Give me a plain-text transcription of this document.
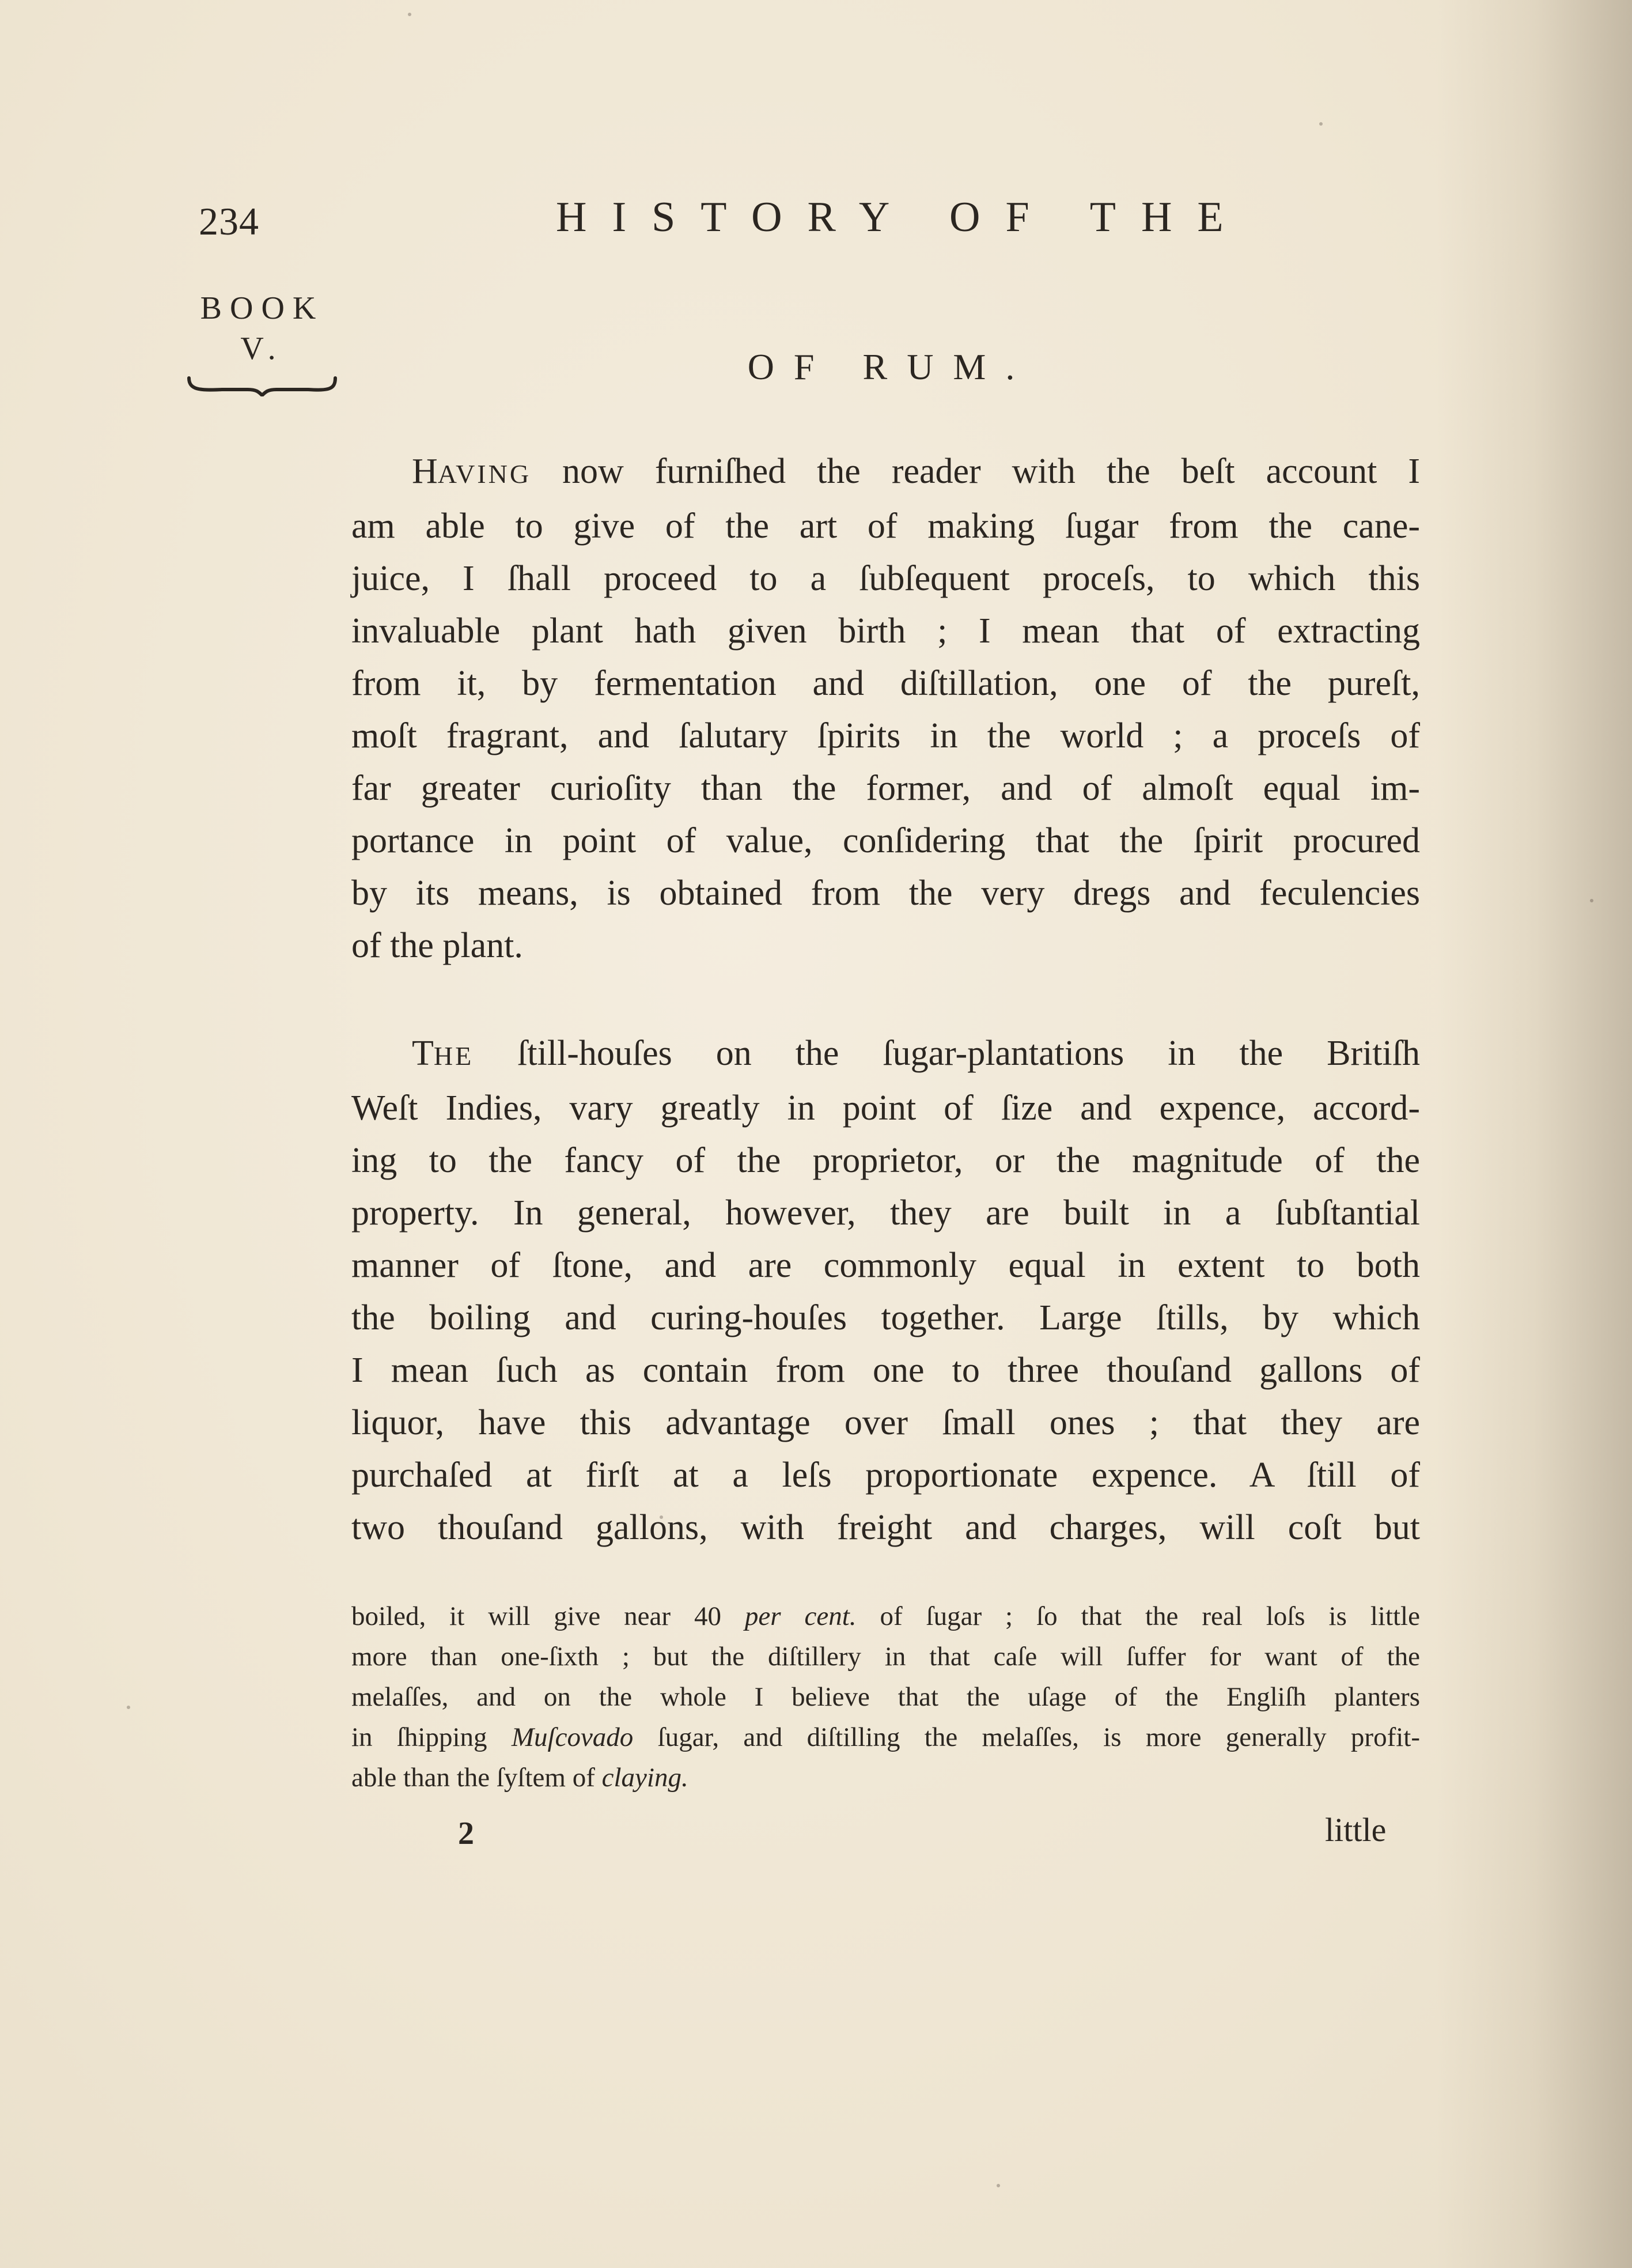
234	HISTORY OF THE
BOOK
V.	OF RUM.
HAVING now furniſhed the reader with the beſt account I
am able to give of the art of making ſugar from the cane-
juice, I ſhall proceed to a ſubſequent proceſs, to which this
invaluable plant hath given birth ; I mean that of extracting
from it, by fermentation and diſtillation, one of the pureſt,
moſt fragrant, and ſalutary ſpirits in the world ; a proceſs of
far greater curioſity than the former, and of almoſt equal im-
portance in point of value, conſidering that the ſpirit procured
by its means, is obtained from the very dregs and feculencies
of the plant.
THE ſtill-houſes on the ſugar-plantations in the Britiſh
Weſt Indies, vary greatly in point of ſize and expence, accord-
ing to the fancy of the proprietor, or the magnitude of the
property. In general, however, they are built in a ſubſtantial
manner of ſtone, and are commonly equal in extent to both
the boiling and curing-houſes together. Large ſtills, by which
I mean ſuch as contain from one to three thouſand gallons of
liquor, have this advantage over ſmall ones ; that they are
purchaſed at firſt at a leſs proportionate expence. A ſtill of
two thouſand gallons, with freight and charges, will coſt but
boiled, it will give near 40 per cent. of ſugar ; ſo that the real loſs is little
more than one-ſixth ; but the diſtillery in that caſe will ſuffer for want of the
melaſſes, and on the whole I believe that the uſage of the Engliſh planters
in ſhipping Muſcovado ſugar, and diſtilling the melaſſes, is more generally profit-
able than the ſyſtem of claying.
2	little
